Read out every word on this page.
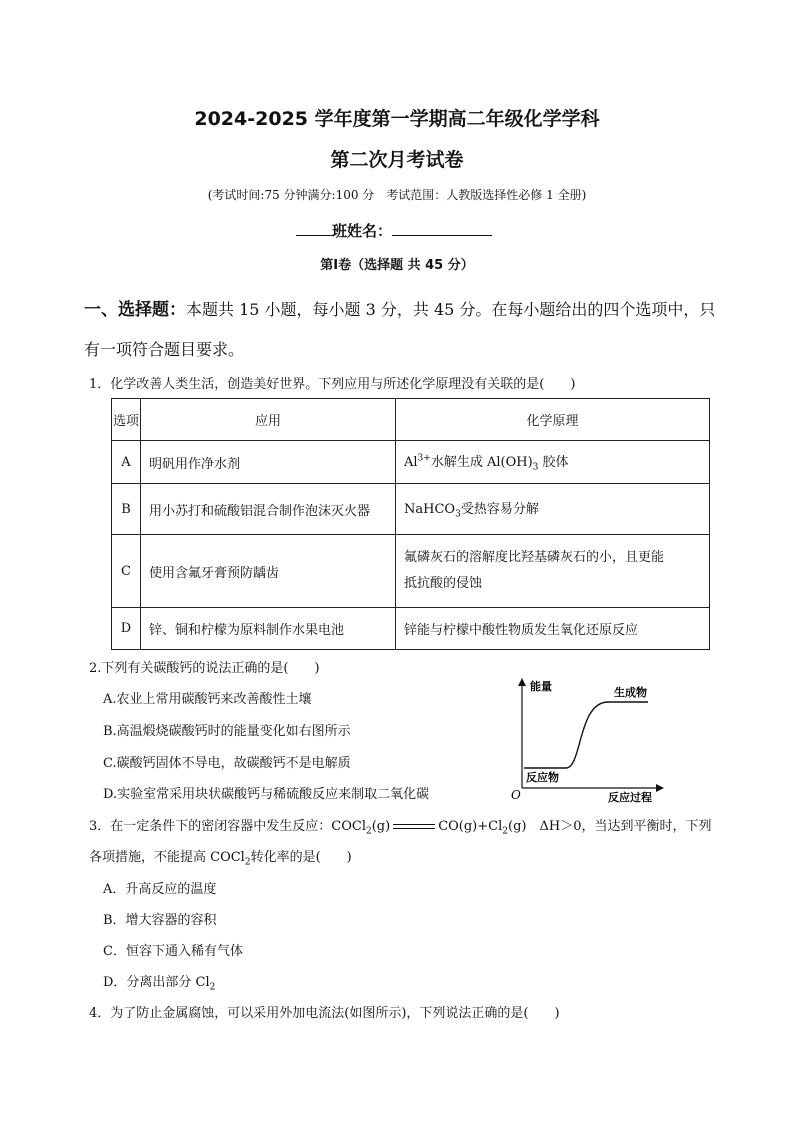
2024-2025 学年度第一学期高二年级化学学科
第二次月考试卷
(考试时间:75 分钟满分:100 分　考试范围：人教版选择性必修 1 全册)
班姓名：
第Ⅰ卷（选择题 共 45 分）
一、选择题：本题共 15 小题，每小题 3 分，共 45 分。在每小题给出的四个选项中，只有一项符合题目要求。
1．化学改善人类生活，创造美好世界。下列应用与所述化学原理没有关联的是(　　)
选项	应用	化学原理
A	明矾用作净水剂	$Al^{3+}$水解生成 $Al(OH)_3$ 胶体
B	用小苏打和硫酸铝混合制作泡沫灭火器	NaHCO$_3$受热容易分解
C	使用含氟牙膏预防龋齿	氟磷灰石的溶解度比羟基磷灰石的小，且更能
抵抗酸的侵蚀

D	锌、铜和柠檬为原料制作水果电池	锌能与柠檬中酸性物质发生氧化还原反应
2.下列有关碳酸钙的说法正确的是(　　)
A.农业上常用碳酸钙来改善酸性土壤
B.高温煅烧碳酸钙时的能量变化如右图所示
C.碳酸钙固体不导电，故碳酸钙不是电解质
D.实验室常采用块状碳酸钙与稀硫酸反应来制取二氧化碳
能量	生成物
反应物
O	反应过程
3．在一定条件下的密闭容器中发生反应：COCl$_2$(g)	$CO(g)+Cl_2(g)$　ΔH＞0，当达到平衡时，下列
各项措施，不能提高 COCl$_2$转化率的是(　　)
A．升高反应的温度
B．增大容器的容积
C．恒容下通入稀有气体
D．分离出部分 $Cl_2$
4．为了防止金属腐蚀，可以采用外加电流法(如图所示)，下列说法正确的是(　　)
